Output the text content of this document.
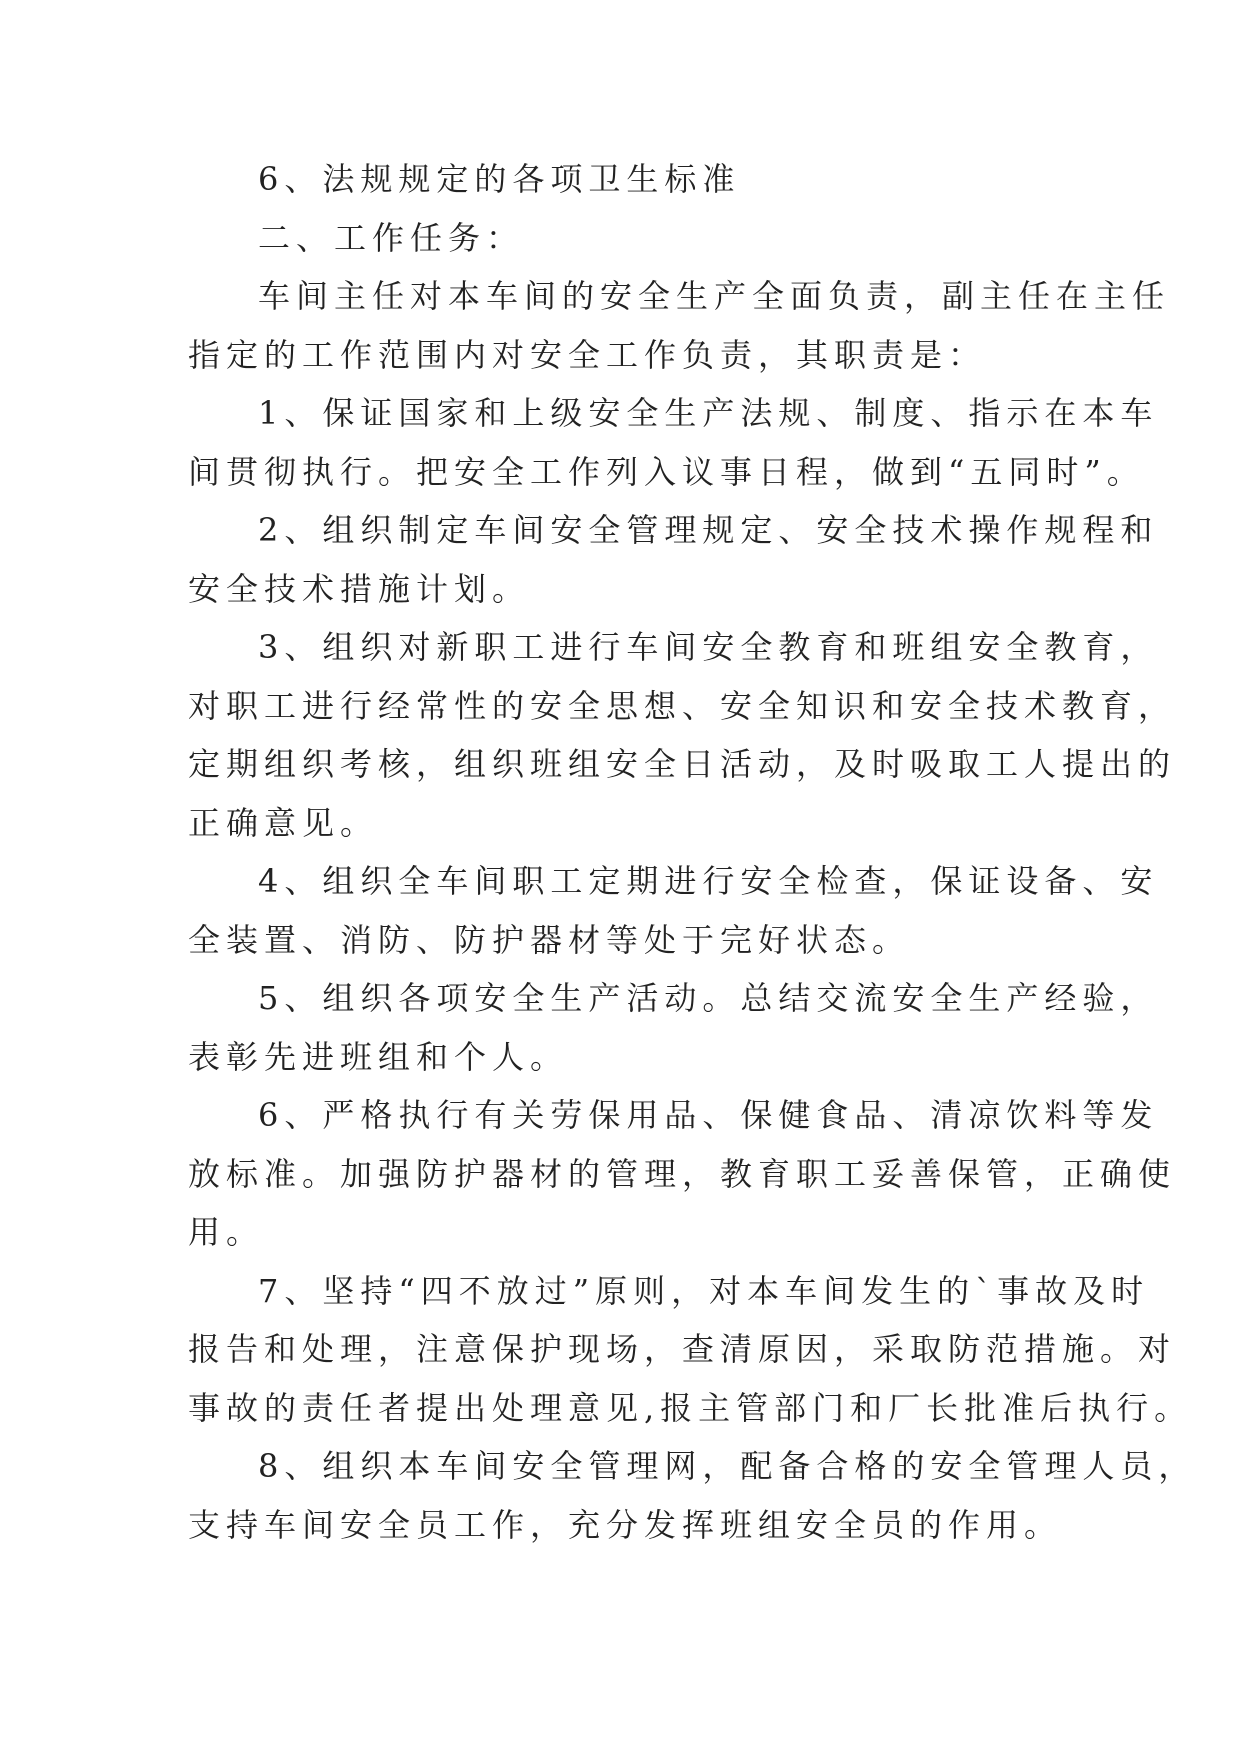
6、法规规定的各项卫生标准
二、工作任务：
车间主任对本车间的安全生产全面负责，副主任在主任
指定的工作范围内对安全工作负责，其职责是：
1、保证国家和上级安全生产法规、制度、指示在本车
间贯彻执行。把安全工作列入议事日程，做到“五同时”。
2、组织制定车间安全管理规定、安全技术操作规程和
安全技术措施计划。
3、组织对新职工进行车间安全教育和班组安全教育，
对职工进行经常性的安全思想、安全知识和安全技术教育，
定期组织考核，组织班组安全日活动，及时吸取工人提出的
正确意见。
4、组织全车间职工定期进行安全检查，保证设备、安
全装置、消防、防护器材等处于完好状态。
5、组织各项安全生产活动。总结交流安全生产经验，
表彰先进班组和个人。
6、严格执行有关劳保用品、保健食品、清凉饮料等发
放标准。加强防护器材的管理，教育职工妥善保管，正确使
用。
7、坚持“四不放过”原则，对本车间发生的`事故及时
报告和处理，注意保护现场，查清原因，采取防范措施。对
事故的责任者提出处理意见,报主管部门和厂长批准后执行。
8、组织本车间安全管理网，配备合格的安全管理人员，
支持车间安全员工作，充分发挥班组安全员的作用。
